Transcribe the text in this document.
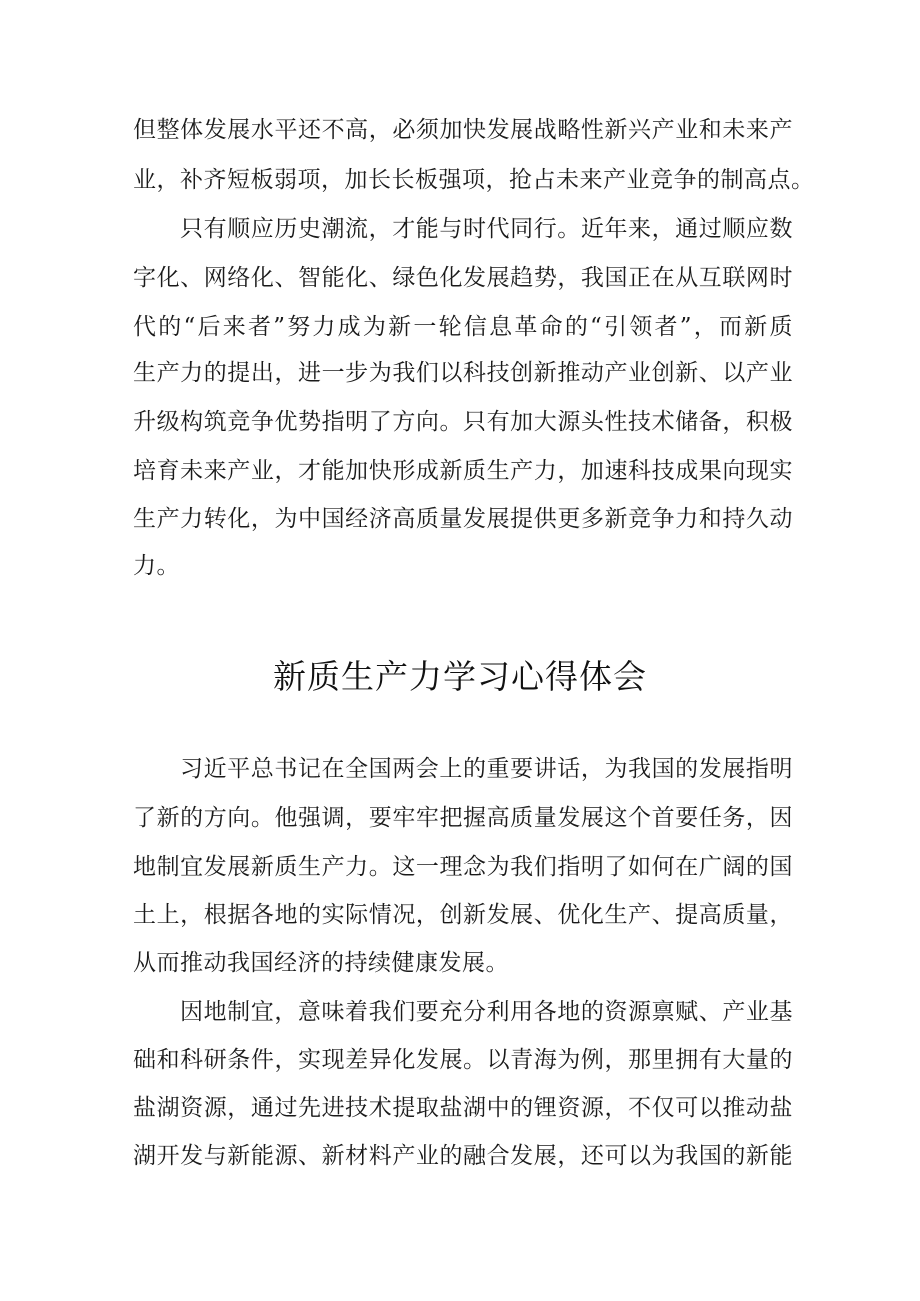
但整体发展水平还不高，必须加快发展战略性新兴产业和未来产
业，补齐短板弱项，加长长板强项，抢占未来产业竞争的制高点。
只有顺应历史潮流，才能与时代同行。近年来，通过顺应数
字化、网络化、智能化、绿色化发展趋势，我国正在从互联网时
代的“后来者”努力成为新一轮信息革命的“引领者”，而新质
生产力的提出，进一步为我们以科技创新推动产业创新、以产业
升级构筑竞争优势指明了方向。只有加大源头性技术储备，积极
培育未来产业，才能加快形成新质生产力，加速科技成果向现实
生产力转化，为中国经济高质量发展提供更多新竞争力和持久动
力。
新质生产力学习心得体会
习近平总书记在全国两会上的重要讲话，为我国的发展指明
了新的方向。他强调，要牢牢把握高质量发展这个首要任务，因
地制宜发展新质生产力。这一理念为我们指明了如何在广阔的国
土上，根据各地的实际情况，创新发展、优化生产、提高质量，
从而推动我国经济的持续健康发展。
因地制宜，意味着我们要充分利用各地的资源禀赋、产业基
础和科研条件，实现差异化发展。以青海为例，那里拥有大量的
盐湖资源，通过先进技术提取盐湖中的锂资源，不仅可以推动盐
湖开发与新能源、新材料产业的融合发展，还可以为我国的新能
